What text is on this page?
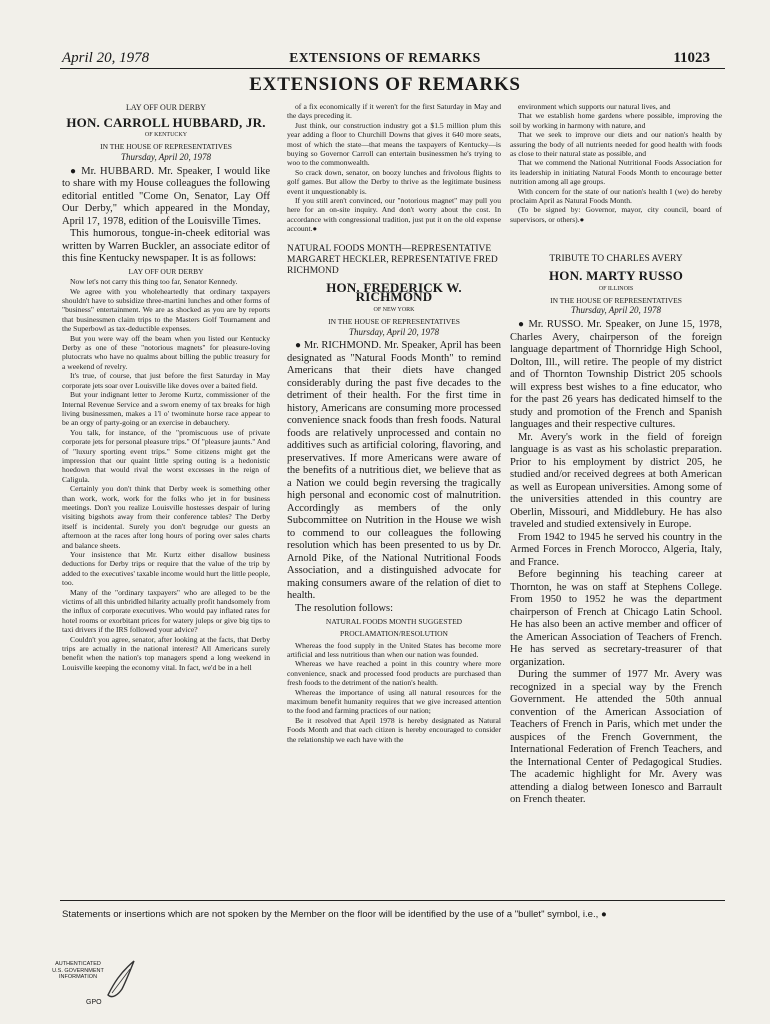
April 20, 1978	EXTENSIONS OF REMARKS	11023
EXTENSIONS OF REMARKS
LAY OFF OUR DERBY
HON. CARROLL HUBBARD, JR.
OF KENTUCKY
IN THE HOUSE OF REPRESENTATIVES
Thursday, April 20, 1978

● Mr. HUBBARD. Mr. Speaker, I would like to share with my House colleagues the following editorial entitled "Come On, Senator, Lay Off Our Derby," which appeared in the Monday, April 17, 1978, edition of the Louisville Times.

This humorous, tongue-in-cheek editorial was written by Warren Buckler, an associate editor of this fine Kentucky newspaper. It is as follows:

LAY OFF OUR DERBY

Now let's not carry this thing too far, Senator Kennedy.

We agree with you wholeheartedly that ordinary taxpayers shouldn't have to subsidize three-martini lunches and other forms of "business" entertainment. We are as shocked as you are by reports that businessmen claim trips to the Masters Golf Tournament and the Superbowl as tax-deductible expenses.

But you were way off the beam when you listed our Kentucky Derby as one of these "notorious magnets" for pleasure-loving plutocrats who have no qualms about billing the public treasury for a weekend of revelry.

It's true, of course, that just before the first Saturday in May corporate jets soar over Louisville like doves over a baited field.

But your indignant letter to Jerome Kurtz, commissioner of the Internal Revenue Service and a sworn enemy of tax breaks for high living businessmen, makes a 1'l o' twominute horse race appear to be an orgy of party-going or an exercise in debauchery.

You talk, for instance, of the "promiscuous use of private corporate jets for personal pleasure trips." Of "pleasure jaunts." And of "luxury sporting event trips." Some citizens might get the impression that our quaint little spring outing is a hedonistic hoedown that would rival the worst excesses in the reign of Caligula.

Certainly you don't think that Derby week is something other than work, work, work for the folks who jet in for business meetings. Don't you realize Louisville hostesses despair of luring visiting bigshots away from their conference tables? The Derby itself is incidental. Surely you don't begrudge our guests an afternoon at the races after long hours of poring over sales charts and balance sheets.

Your insistence that Mr. Kurtz either disallow business deductions for Derby trips or require that the value of the trip by added to the executives' taxable income would hurt the little people, too.

Many of the "ordinary taxpayers" who are alleged to be the victims of all this unbridled hilarity actually profit handsomely from the influx of corporate executives. Who would pay inflated rates for hotel rooms or exorbitant prices for watery juleps or give big tips to taxi drivers if the IRS followed your advice?

Couldn't you agree, senator, after looking at the facts, that Derby trips are actually in the national interest? All Americans surely benefit when the nation's top managers spend a long weekend in Louisville keeping the economy vital. In fact, we'd be in a hell

of a fix economically if it weren't for the first Saturday in May and the days preceding it.

Just think, our construction industry got a $1.5 million plum this year adding a floor to Churchill Downs that gives it 640 more seats, most of which the state—that means the taxpayers of Kentucky—is buying so Governor Carroll can entertain businessmen he's trying to woo to the commonwealth.

So crack down, senator, on boozy lunches and frivolous flights to golf games. But allow the Derby to thrive as the legitimate business event it unquestionably is.

If you still aren't convinced, our "notorious magnet" may pull you here for an on-site inquiry. And don't worry about the cost. In accordance with congressional tradition, just put it on the old expense account.●

NATURAL FOODS MONTH—REPRESENTATIVE MARGARET HECKLER, REPRESENTATIVE FRED RICHMOND
HON. FREDERICK W. RICHMOND
OF NEW YORK
IN THE HOUSE OF REPRESENTATIVES
Thursday, April 20, 1978

● Mr. RICHMOND. Mr. Speaker, April has been designated as "Natural Foods Month" to remind Americans that their diets have changed considerably during the past five decades to the detriment of their health. For the first time in history, Americans are consuming more processed convenience snack foods than fresh foods. Natural foods are relatively unprocessed and contain no additives such as artificial coloring, flavoring, and preservatives. If more Americans were aware of the benefits of a nutritious diet, we believe that as a Nation we could begin reversing the tragically high personal and economic cost of malnutrition. Accordingly as members of the only Subcommittee on Nutrition in the House we wish to commend to our colleagues the following resolution which has been presented to us by Dr. Arnold Pike, of the National Nutritional Foods Association, and a distinguished advocate for making consumers aware of the relation of diet to health.

The resolution follows:

NATURAL FOODS MONTH SUGGESTED
PROCLAMATION/RESOLUTION

Whereas the food supply in the United States has become more artificial and less nutritious than when our nation was founded.

Whereas we have reached a point in this country where more convenience, snack and processed food products are purchased than fresh foods to the detriment of the nation's health.

Whereas the importance of using all natural resources for the maximum benefit humanity requires that we give increased attention to the food and farming practices of our nation;

Be it resolved that April 1978 is hereby designated as Natural Foods Month and that each citizen is hereby encouraged to consider the relationship we each have with the

environment which supports our natural lives, and

That we establish home gardens where possible, improving the soil by working in harmony with nature, and

That we seek to improve our diets and our nation's health by assuring the body of all nutrients needed for good health with foods as close to their natural state as possible, and

That we commend the National Nutritional Foods Association for its leadership in initiating Natural Foods Month to encourage better nutrition among all age groups.

With concern for the state of our nation's health I (we) do hereby proclaim April as Natural Foods Month.

(To be signed by: Governor, mayor, city council, board of supervisors, or others).●

TRIBUTE TO CHARLES AVERY
HON. MARTY RUSSO
OF ILLINOIS
IN THE HOUSE OF REPRESENTATIVES
Thursday, April 20, 1978

● Mr. RUSSO. Mr. Speaker, on June 15, 1978, Charles Avery, chairperson of the foreign language department of Thornridge High School, Dolton, Ill., will retire. The people of my district and of Thornton Township District 205 schools will express best wishes to a fine educator, who for the past 26 years has dedicated himself to the study and promotion of the French and Spanish languages and their respective cultures.

Mr. Avery's work in the field of foreign language is as vast as his scholastic preparation. Prior to his employment by district 205, he studied and/or received degrees at both American as well as European universities. Among some of the universities attended in this country are Oberlin, Missouri, and Middlebury. He has also traveled and studied extensively in Europe.

From 1942 to 1945 he served his country in the Armed Forces in French Morocco, Algeria, Italy, and France.

Before beginning his teaching career at Thornton, he was on staff at Stephens College. From 1950 to 1952 he was the department chairperson of French at Chicago Latin School. He has also been an active member and officer of the American Association of Teachers of French. He has served as secretary-treasurer of that organization.

During the summer of 1977 Mr. Avery was recognized in a special way by the French Government. He attended the 50th annual convention of the American Association of Teachers of French in Paris, which met under the auspices of the French Government, the International Federation of French Teachers, and the International Center of Pedagogical Studies. The academic highlight for Mr. Avery was attending a dialog between Ionesco and Barrault on French theater.

Statements or insertions which are not spoken by the Member on the floor will be identified by the use of a "bullet" symbol, i.e., ●
AUTHENTICATED
U.S. GOVERNMENT
INFORMATION
GPO
